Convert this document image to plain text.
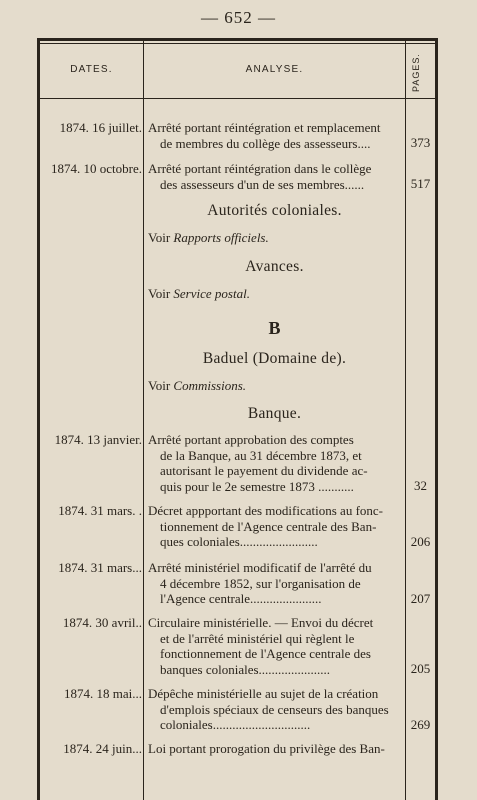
— 652 —
DATES.	ANALYSE.	PAGES.
1874. 16 juillet. Arrêté portant réintégration et remplacement

de membres du collège des assesseurs....	373
1874. 10 octobre. Arrêté portant réintégration dans le collège

des assesseurs d'un de ses membres......	517
Autorités coloniales.
Voir Rapports officiels.
Avances.
Voir Service postal.
B
Baduel (Domaine de).
Voir Commissions.
Banque.
1874. 13 janvier. Arrêté portant approbation des comptes

de la Banque, au 31 décembre 1873, et
autorisant le payement du dividende ac-
quis pour le 2e semestre 1873 ...........	32
1874. 31 mars. . Décret appportant des modifications au fonc-

tionnement de l'Agence centrale des Ban-
ques coloniales........................	206
1874. 31 mars... Arrêté ministériel modificatif de l'arrêté du

4 décembre 1852, sur l'organisation de
l'Agence centrale......................	207
1874. 30 avril.. Circulaire ministérielle. — Envoi du décret

et de l'arrêté ministériel qui règlent le
fonctionnement de l'Agence centrale des
banques coloniales......................	205
1874. 18 mai... Dépêche ministérielle au sujet de la création

d'emplois spéciaux de censeurs des banques
coloniales..............................	269
1874. 24 juin... Loi portant prorogation du privilège des Ban-
